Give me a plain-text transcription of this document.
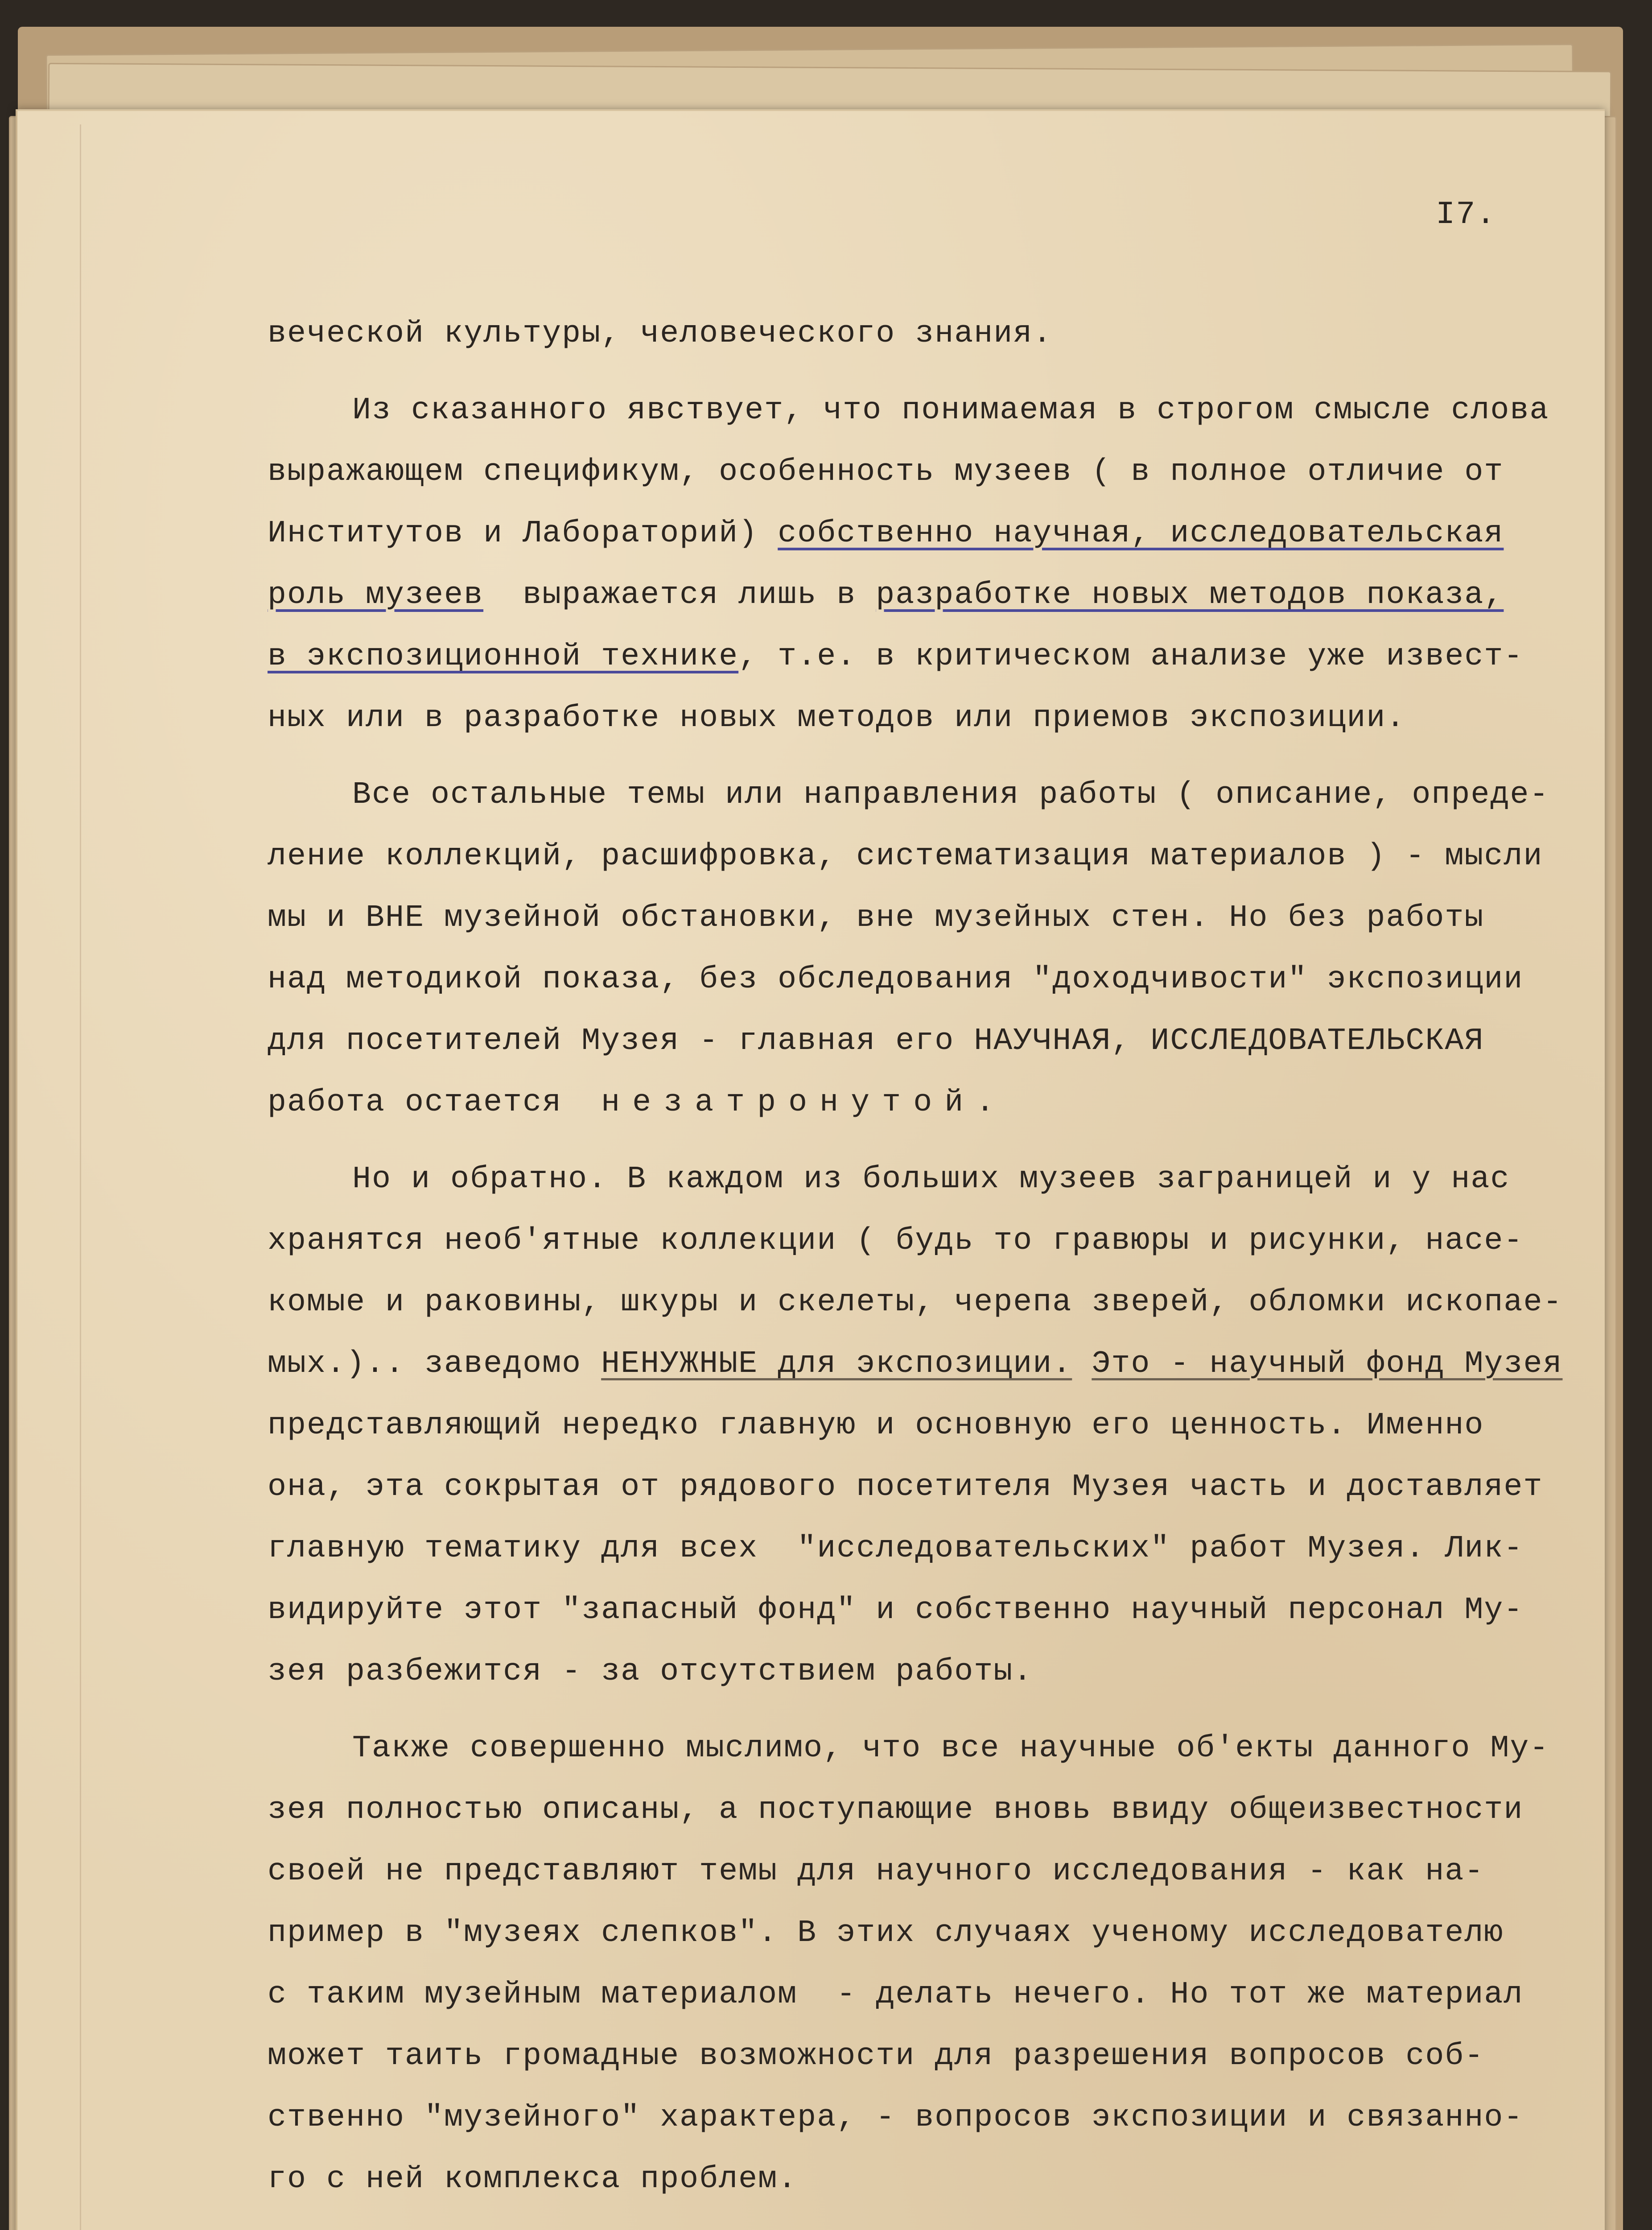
I7.
веческой культуры, человеческого знания.
Из сказанного явствует, что понимаемая в строгом смысле слова
выражающем спецификум, особенность музеев ( в полное отличие от
Институтов и Лабораторий) собственно научная, исследовательская
роль музеев  выражается лишь в разработке новых методов показа,
в экспозиционной технике, т.е. в критическом анализе уже извест-
ных или в разработке новых методов или приемов экспозиции.
Все остальные темы или направления работы ( описание, опреде-
ление коллекций, расшифровка, систематизация материалов ) - мысли
мы и ВНЕ музейной обстановки, вне музейных стен. Но без работы
над методикой показа, без обследования "доходчивости" экспозиции
для посетителей Музея - главная его НАУЧНАЯ, ИССЛЕДОВАТЕЛЬСКАЯ
работа остается  незатронутой.
Но и обратно. В каждом из больших музеев заграницей и у нас
хранятся необ'ятные коллекции ( будь то гравюры и рисунки, насе-
комые и раковины, шкуры и скелеты, черепа зверей, обломки ископае-
мых.).. заведомо НЕНУЖНЫЕ для экспозиции. Это - научный фонд Музея
представляющий нередко главную и основную его ценность. Именно
она, эта сокрытая от рядового посетителя Музея часть и доставляет
главную тематику для всех  "исследовательских" работ Музея. Лик-
видируйте этот "запасный фонд" и собственно научный персонал Му-
зея разбежится - за отсутствием работы.
Также совершенно мыслимо, что все научные об'екты данного Му-
зея полностью описаны, а поступающие вновь ввиду общеизвестности
своей не представляют темы для научного исследования - как на-
пример в "музеях слепков". В этих случаях ученому исследователю
с таким музейным материалом  - делать нечего. Но тот же материал
может таить громадные возможности для разрешения вопросов соб-
ственно "музейного" характера, - вопросов экспозиции и связанно-
го с ней комплекса проблем.
